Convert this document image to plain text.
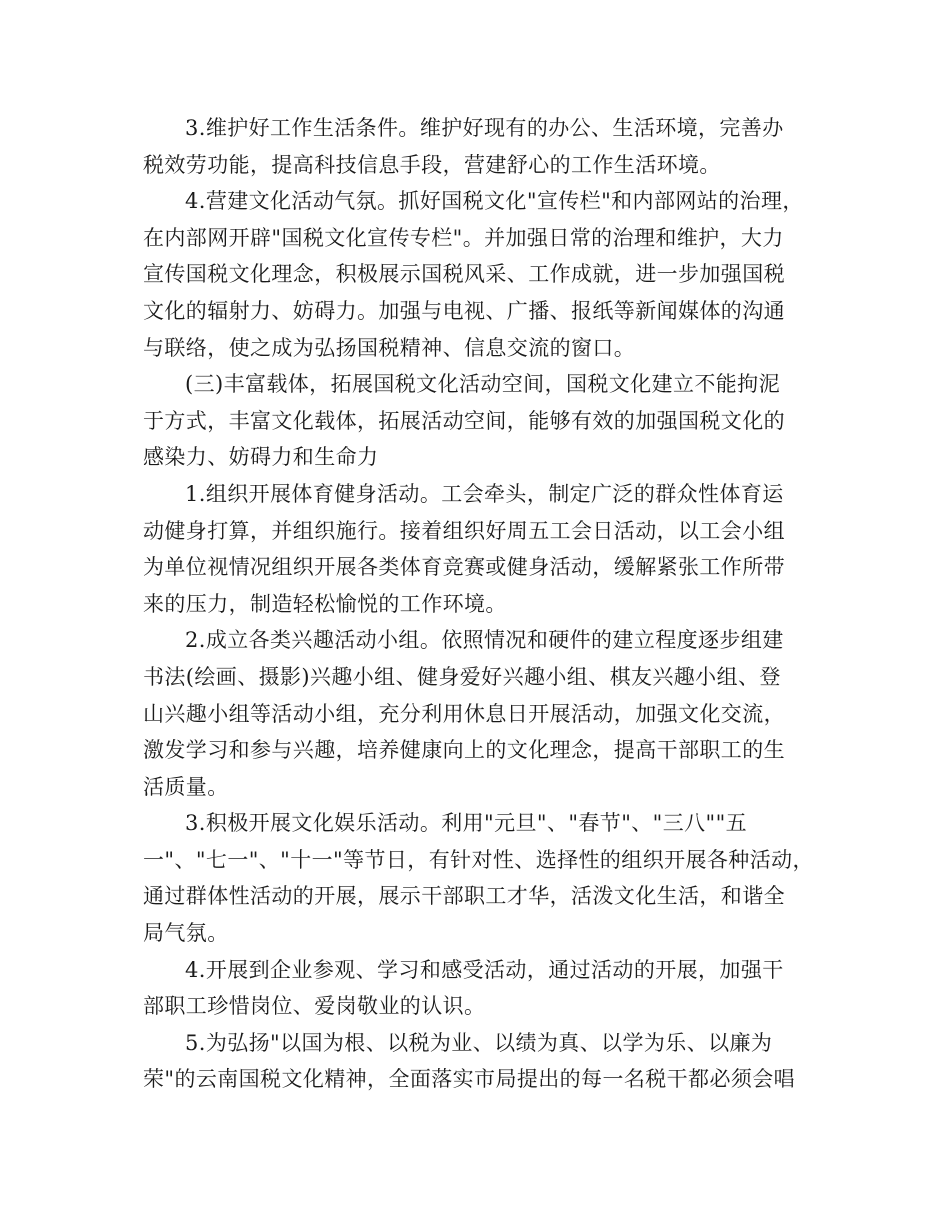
3.维护好工作生活条件。维护好现有的办公、生活环境，完善办
税效劳功能，提高科技信息手段，营建舒心的工作生活环境。
4.营建文化活动气氛。抓好国税文化"宣传栏"和内部网站的治理，
在内部网开辟"国税文化宣传专栏"。并加强日常的治理和维护，大力
宣传国税文化理念，积极展示国税风采、工作成就，进一步加强国税
文化的辐射力、妨碍力。加强与电视、广播、报纸等新闻媒体的沟通
与联络，使之成为弘扬国税精神、信息交流的窗口。
(三)丰富载体，拓展国税文化活动空间，国税文化建立不能拘泥
于方式，丰富文化载体，拓展活动空间，能够有效的加强国税文化的
感染力、妨碍力和生命力
1.组织开展体育健身活动。工会牵头，制定广泛的群众性体育运
动健身打算，并组织施行。接着组织好周五工会日活动，以工会小组
为单位视情况组织开展各类体育竞赛或健身活动，缓解紧张工作所带
来的压力，制造轻松愉悦的工作环境。
2.成立各类兴趣活动小组。依照情况和硬件的建立程度逐步组建
书法(绘画、摄影)兴趣小组、健身爱好兴趣小组、棋友兴趣小组、登
山兴趣小组等活动小组，充分利用休息日开展活动，加强文化交流，
激发学习和参与兴趣，培养健康向上的文化理念，提高干部职工的生
活质量。
3.积极开展文化娱乐活动。利用"元旦"、"春节"、"三八""五
一"、"七一"、"十一"等节日，有针对性、选择性的组织开展各种活动，
通过群体性活动的开展，展示干部职工才华，活泼文化生活，和谐全
局气氛。
4.开展到企业参观、学习和感受活动，通过活动的开展，加强干
部职工珍惜岗位、爱岗敬业的认识。
5.为弘扬"以国为根、以税为业、以绩为真、以学为乐、以廉为
荣"的云南国税文化精神，全面落实市局提出的每一名税干都必须会唱
